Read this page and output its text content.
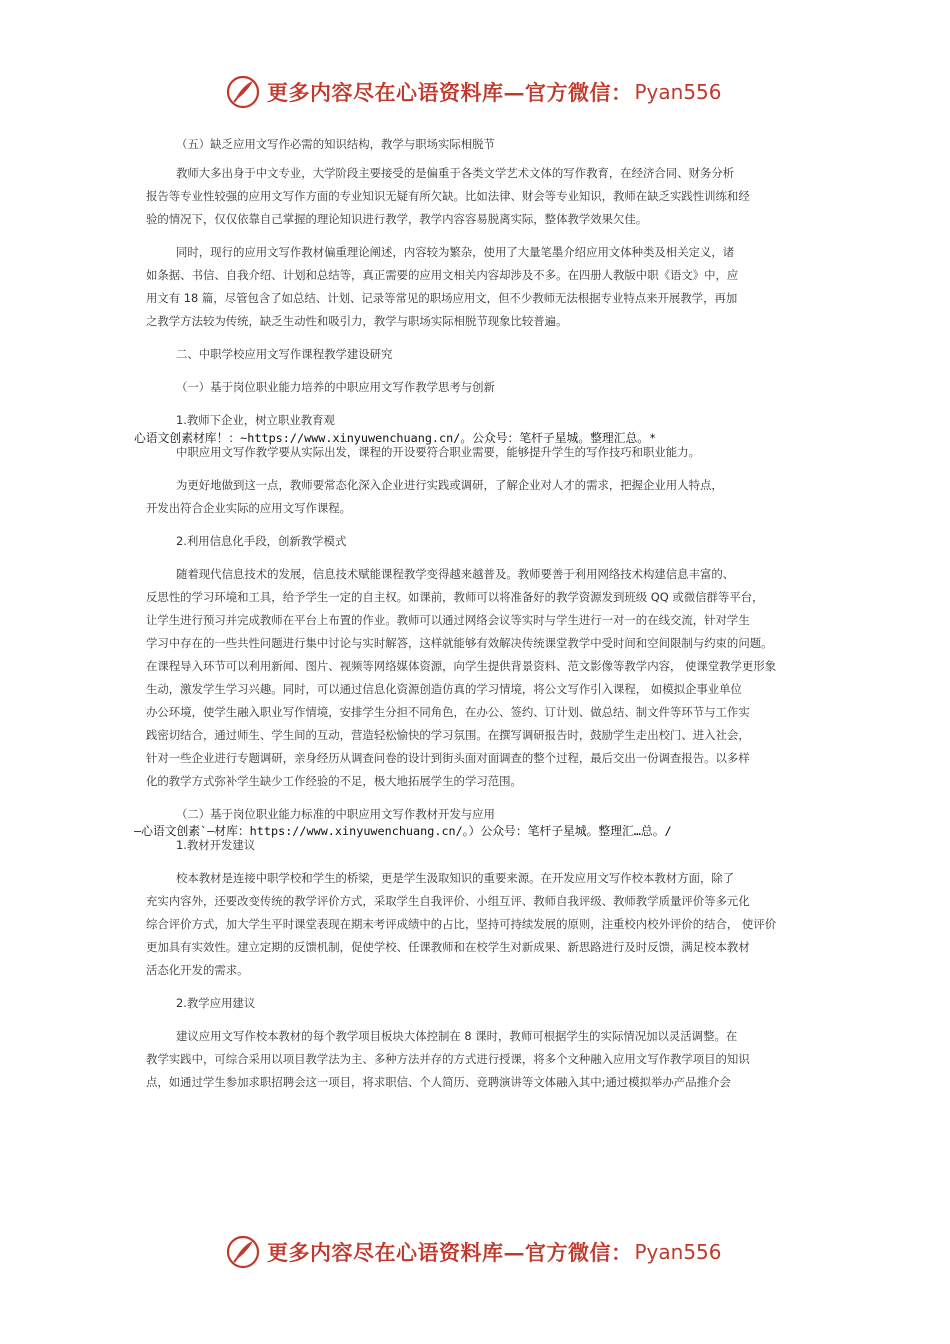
更多内容尽在心语资料库—官方微信： Pyan556
（五）缺乏应用文写作必需的知识结构，教学与职场实际相脱节
教师大多出身于中文专业，大学阶段主要接受的是偏重于各类文学艺术文体的写作教育，在经济合同、财务分析
报告等专业性较强的应用文写作方面的专业知识无疑有所欠缺。比如法律、财会等专业知识，教师在缺乏实践性训练和经
验的情况下，仅仅依靠自己掌握的理论知识进行教学，教学内容容易脱离实际，整体教学效果欠佳。
同时，现行的应用文写作教材偏重理论阐述，内容较为繁杂，使用了大量笔墨介绍应用文体种类及相关定义，诸
如条据、书信、自我介绍、计划和总结等，真正需要的应用文相关内容却涉及不多。在四册人教版中职《语文》中，应
用文有 18 篇，尽管包含了如总结、计划、记录等常见的职场应用文，但不少教师无法根据专业特点来开展教学，再加
之教学方法较为传统，缺乏生动性和吸引力，教学与职场实际相脱节现象比较普遍。
二、中职学校应用文写作课程教学建设研究
（一）基于岗位职业能力培养的中职应用文写作教学思考与创新
1.教师下企业，树立职业教育观
中职应用文写作教学要从实际出发，课程的开设要符合职业需要，能够提升学生的写作技巧和职业能力。
为更好地做到这一点，教师要常态化深入企业进行实践或调研，了解企业对人才的需求，把握企业用人特点，
开发出符合企业实际的应用文写作课程。
2.利用信息化手段，创新教学模式
随着现代信息技术的发展，信息技术赋能课程教学变得越来越普及。教师要善于利用网络技术构建信息丰富的、
反思性的学习环境和工具，给予学生一定的自主权。如课前，教师可以将准备好的教学资源发到班级 QQ 或微信群等平台，
让学生进行预习并完成教师在平台上布置的作业。教师可以通过网络会议等实时与学生进行一对一的在线交流，针对学生
学习中存在的一些共性问题进行集中讨论与实时解答，这样就能够有效解决传统课堂教学中受时间和空间限制与约束的问题。
在课程导入环节可以利用新闻、图片、视频等网络媒体资源，向学生提供背景资料、范文影像等教学内容， 使课堂教学更形象
生动，激发学生学习兴趣。同时，可以通过信息化资源创造仿真的学习情境，将公文写作引入课程， 如模拟企事业单位
办公环境，使学生融入职业写作情境，安排学生分担不同角色，在办公、签约、订计划、做总结、制文件等环节与工作实
践密切结合，通过师生、学生间的互动，营造轻松愉快的学习氛围。在撰写调研报告时，鼓励学生走出校门、进入社会，
针对一些企业进行专题调研，亲身经历从调查问卷的设计到街头面对面调查的整个过程，最后交出一份调查报告。以多样
化的教学方式弥补学生缺少工作经验的不足，极大地拓展学生的学习范围。
（二）基于岗位职业能力标准的中职应用文写作教材开发与应用
1.教材开发建议
校本教材是连接中职学校和学生的桥梁，更是学生汲取知识的重要来源。在开发应用文写作校本教材方面，除了
充实内容外，还要改变传统的教学评价方式，采取学生自我评价、小组互评、教师自我评级、教师教学质量评价等多元化
综合评价方式，加大学生平时课堂表现在期末考评成绩中的占比，坚持可持续发展的原则，注重校内校外评价的结合， 使评价
更加具有实效性。建立定期的反馈机制，促使学校、任课教师和在校学生对新成果、新思路进行及时反馈，满足校本教材
活态化开发的需求。
2.教学应用建议
建议应用文写作校本教材的每个教学项目板块大体控制在 8 课时，教师可根据学生的实际情况加以灵活调整。在
教学实践中，可综合采用以项目教学法为主、多种方法并存的方式进行授课，将多个文种融入应用文写作教学项目的知识
点，如通过学生参加求职招聘会这一项目，将求职信、个人简历、竞聘演讲等文体融入其中;通过模拟举办产品推介会
心语文创素材库！：~https://www.xinyuwenchuang.cn/。公众号：笔杆子星城。整理汇总。*
—心语文创素`—材库：https://www.xinyuwenchuang.cn/。）公众号：笔杆子星城。整理汇…总。/
更多内容尽在心语资料库—官方微信： Pyan556
